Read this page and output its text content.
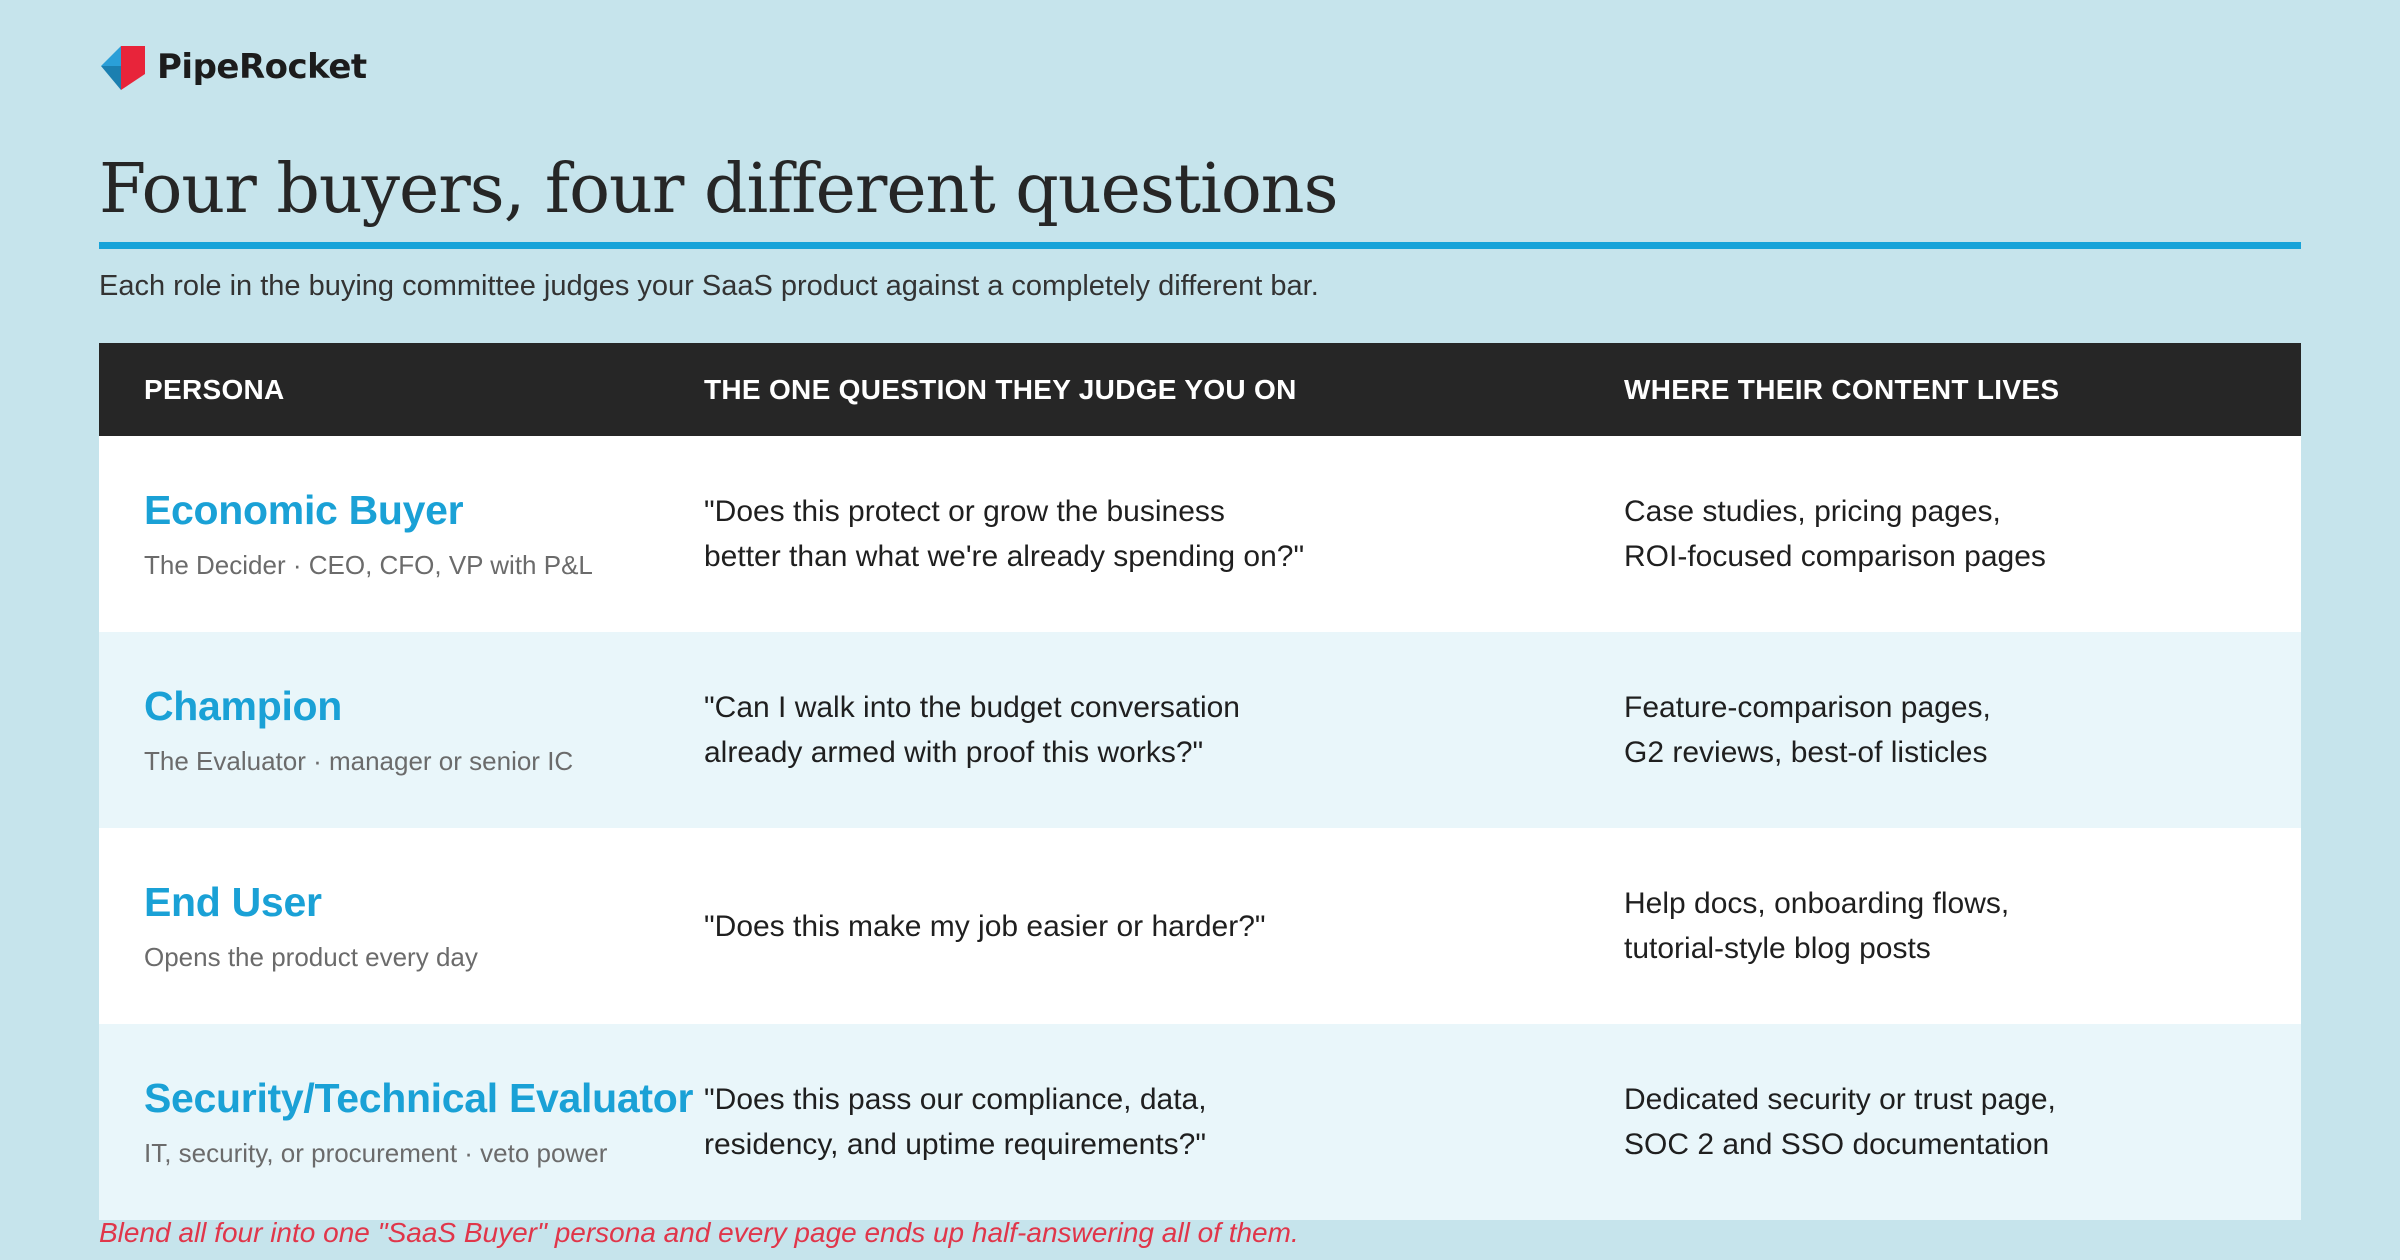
PipeRocket
Four buyers, four different questions

Each role in the buying committee judges your SaaS product against a completely different bar.

PERSONA	THE ONE QUESTION THEY JUDGE YOU ON	WHERE THEIR CONTENT LIVES
Economic Buyer
The Decider · CEO, CFO, VP with P&L
"Does this protect or grow the business
better than what we're already spending on?"
Case studies, pricing pages,
ROI-focused comparison pages
Champion
The Evaluator · manager or senior IC
"Can I walk into the budget conversation
already armed with proof this works?"
Feature-comparison pages,
G2 reviews, best-of listicles
End User
Opens the product every day
"Does this make my job easier or harder?"
Help docs, onboarding flows,
tutorial-style blog posts
Security/Technical Evaluator
IT, security, or procurement · veto power
"Does this pass our compliance, data,
residency, and uptime requirements?"
Dedicated security or trust page,
SOC 2 and SSO documentation

Blend all four into one "SaaS Buyer" persona and every page ends up half-answering all of them.
